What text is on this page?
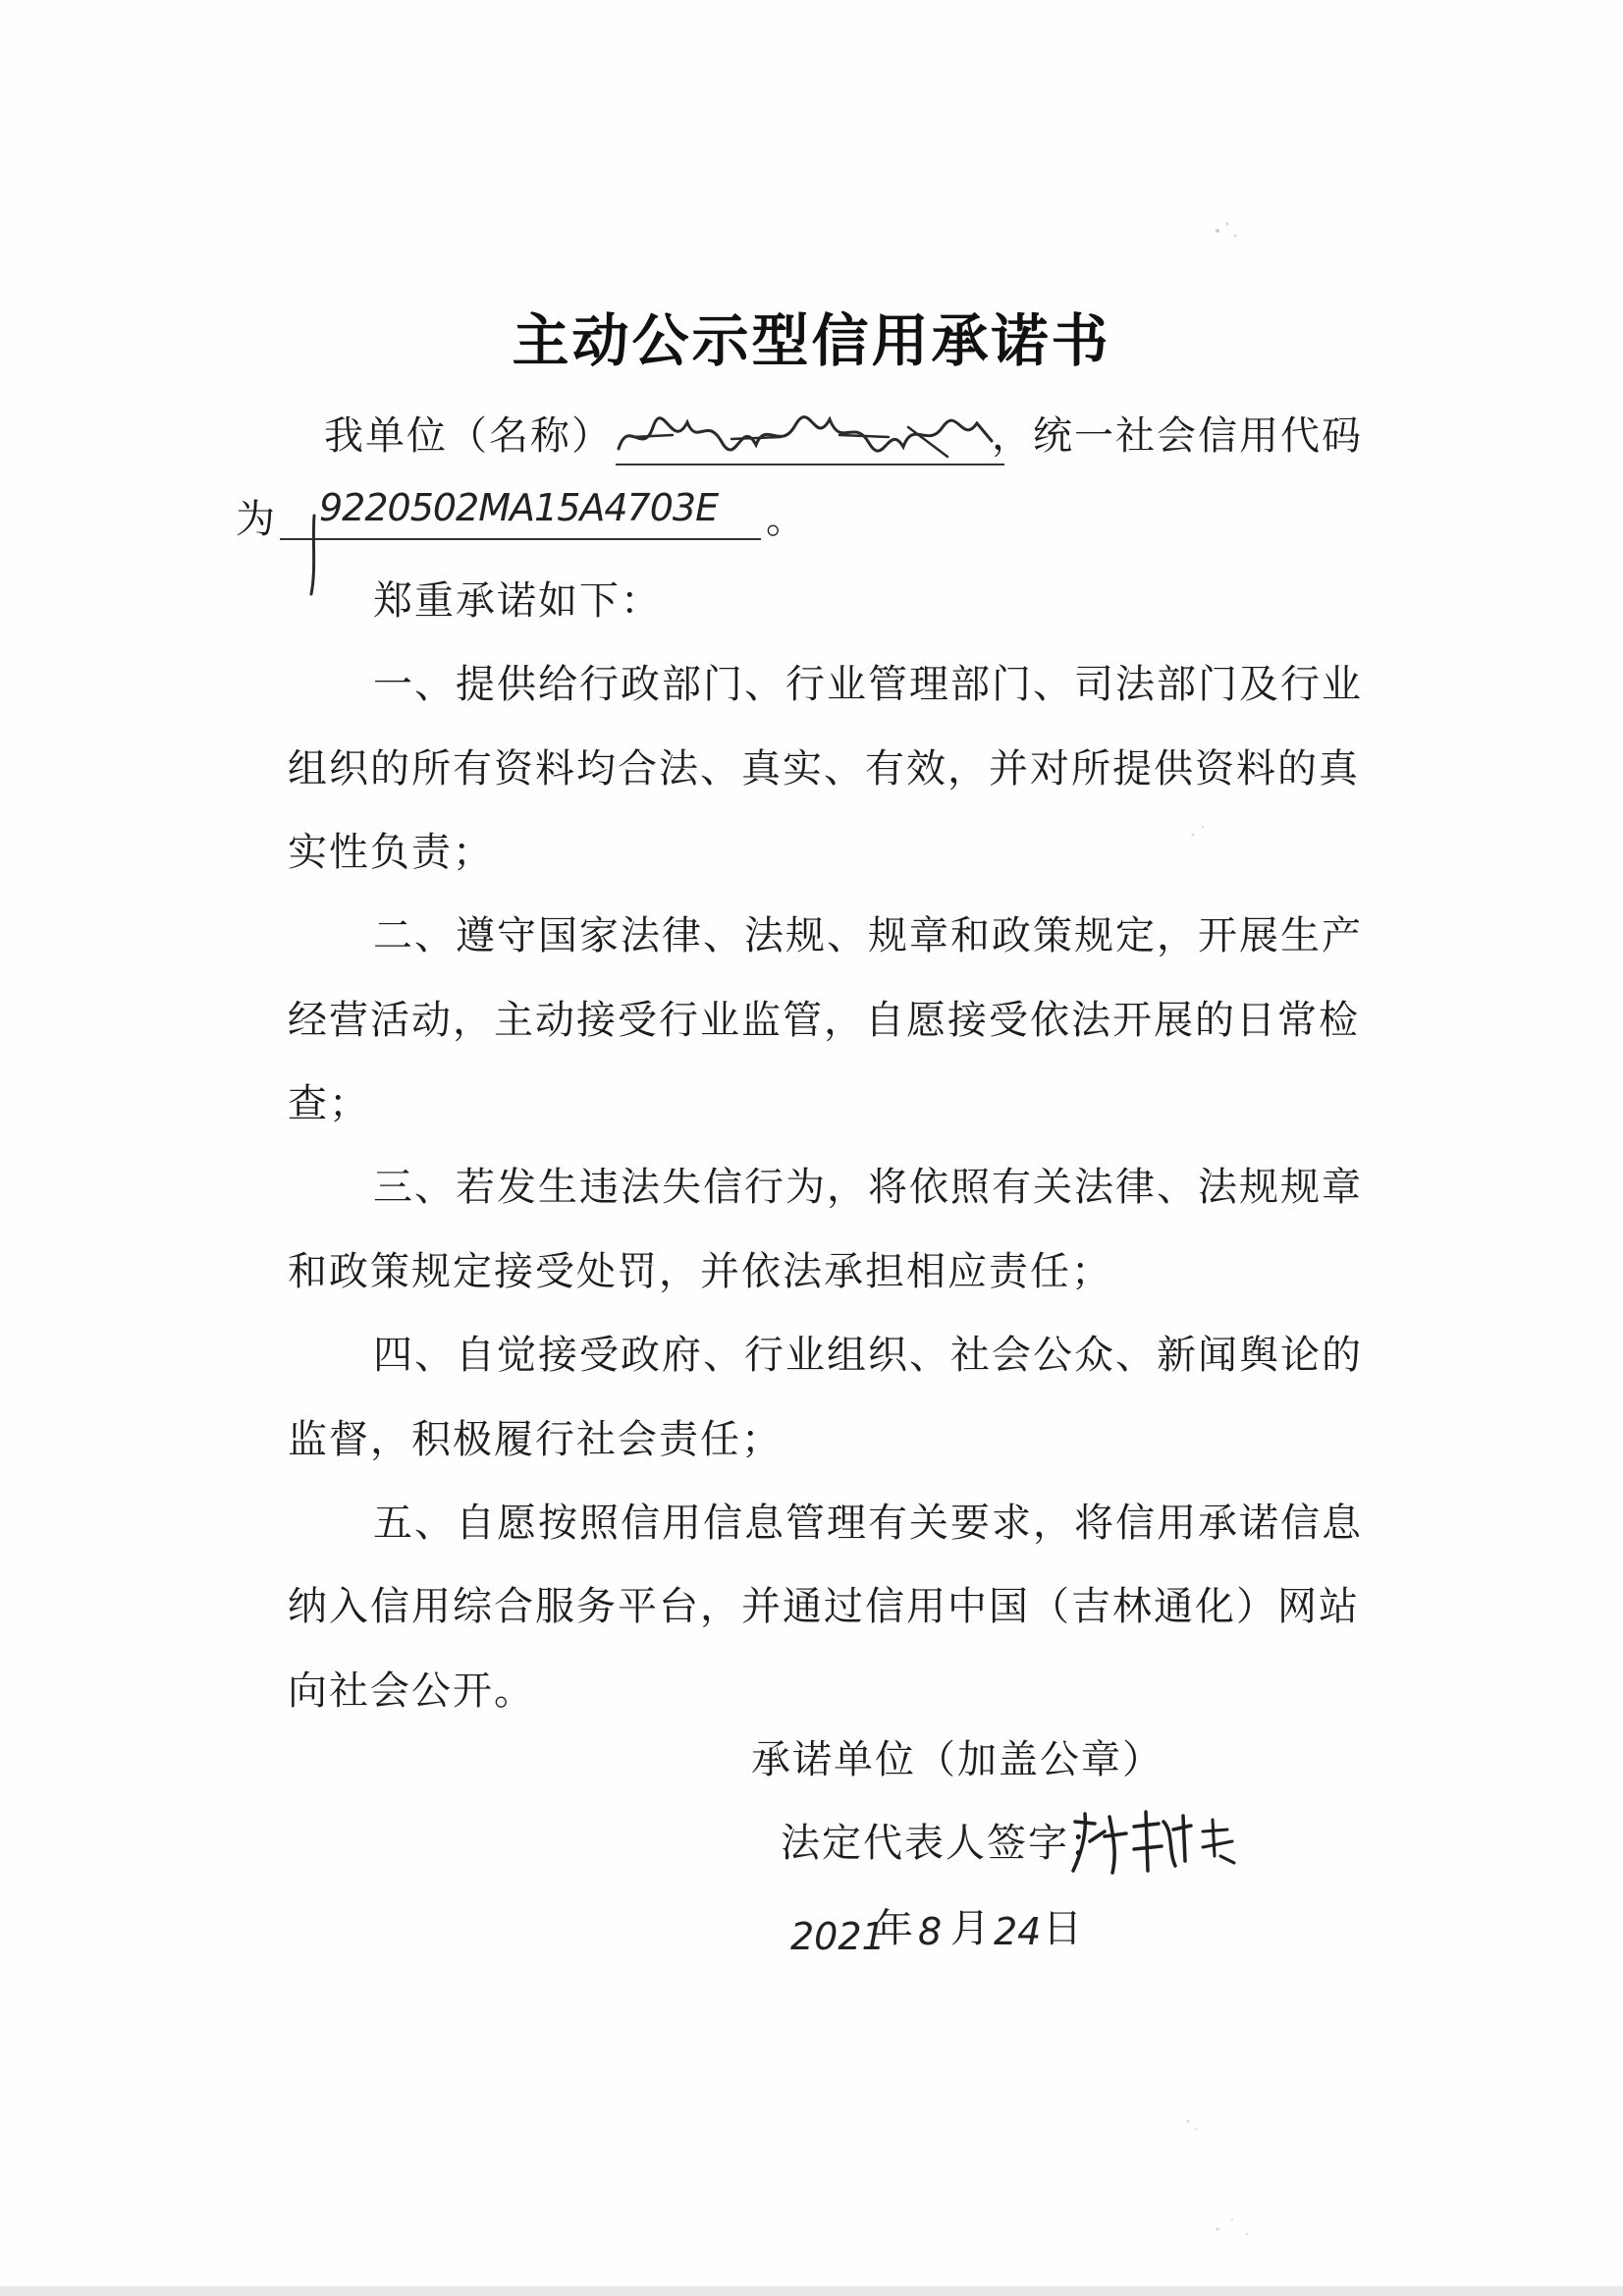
主动公示型信用承诺书
我单位（名称）	，统一社会信用代码
为 9220502MA15A4703E 。
郑重承诺如下：
一、提供给行政部门、行业管理部门、司法部门及行业
组织的所有资料均合法、真实、有效，并对所提供资料的真
实性负责；
二、遵守国家法律、法规、规章和政策规定，开展生产
经营活动，主动接受行业监管，自愿接受依法开展的日常检
查；
三、若发生违法失信行为，将依照有关法律、法规规章
和政策规定接受处罚，并依法承担相应责任；
四、自觉接受政府、行业组织、社会公众、新闻舆论的
监督，积极履行社会责任；
五、自愿按照信用信息管理有关要求，将信用承诺信息
纳入信用综合服务平台，并通过信用中国（吉林通化）网站
向社会公开。
承诺单位（加盖公章）
法定代表人签字：
2021
年 8 月 24 日
